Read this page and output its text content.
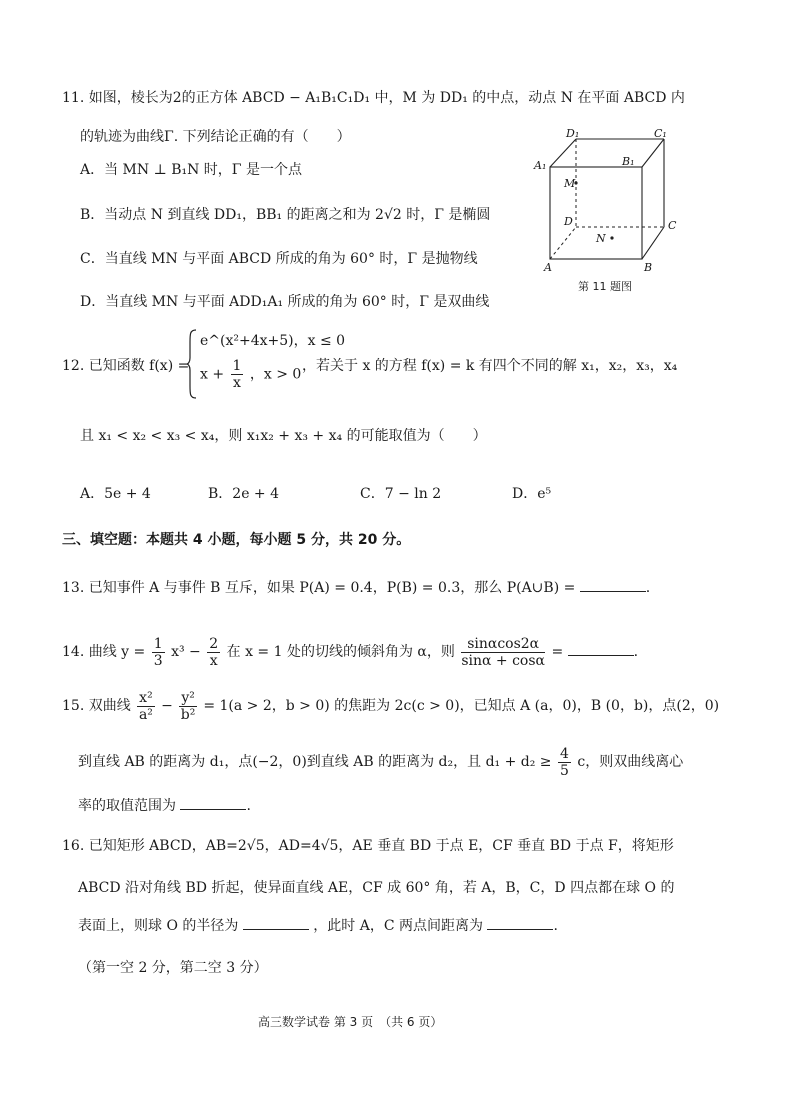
11. 如图，棱长为2的正方体 ABCD − A₁B₁C₁D₁ 中，M 为 DD₁ 的中点，动点 N 在平面 ABCD 内
的轨迹为曲线Γ. 下列结论正确的有（　　）
A．当 MN ⊥ B₁N 时，Γ 是一个点
B．当动点 N 到直线 DD₁，BB₁ 的距离之和为 2√2 时，Γ 是椭圆
C．当直线 MN 与平面 ABCD 所成的角为 60° 时，Γ 是抛物线
D．当直线 MN 与平面 ADD₁A₁ 所成的角为 60° 时，Γ 是双曲线
D₁	C₁
A₁	B₁
M
D	C
N
A	B
第 11 题图
12. 已知函数 f(x) =
e^(x²+4x+5)，x ≤ 0
$x + \frac{1}{x}$ ，x > 0
，若关于 x 的方程 f(x) = k 有四个不同的解 x₁，x₂，x₃，x₄
且 x₁ < x₂ < x₃ < x₄，则 x₁x₂ + x₃ + x₄ 的可能取值为（　　）
A．5e + 4	B．2e + 4	C．7 − ln 2	D．e⁵
三、填空题：本题共 4 小题，每小题 5 分，共 20 分。
13. 已知事件 A 与事件 B 互斥，如果 P(A) = 0.4，P(B) = 0.3，那么 P(A∪B) =	.
14. 曲线 $y = \frac{1}{3} x^3 - \frac{2}{x}$ 在 x = 1 处的切线的倾斜角为 α，则 $\frac{\sin\alpha\cos 2\alpha}{\sin\alpha + \cos\alpha}$ =	.
15. 双曲线 $\frac{\text{x²}}{\text{a²}} - \frac{\text{y²}}{\text{b²}} = 1(a > 2$，b > 0) 的焦距为 2c(c > 0)，已知点 A (a，0)，B (0，b)，点(2，0)
到直线 AB 的距离为 d₁，点(−2，0)到直线 AB 的距离为 d₂，且 $d_1 + d_2 \ge \frac{4}{5}$ c，则双曲线离心
率的取值范围为	.
16. 已知矩形 ABCD，AB=2√5，AD=4√5，AE 垂直 BD 于点 E，CF 垂直 BD 于点 F，将矩形
ABCD 沿对角线 BD 折起，使异面直线 AE，CF 成 60° 角，若 A，B，C，D 四点都在球 O 的
表面上，则球 O 的半径为	，此时 A，C 两点间距离为	.
（第一空 2 分，第二空 3 分）
高三数学试卷 第 3 页　（共 6 页）
